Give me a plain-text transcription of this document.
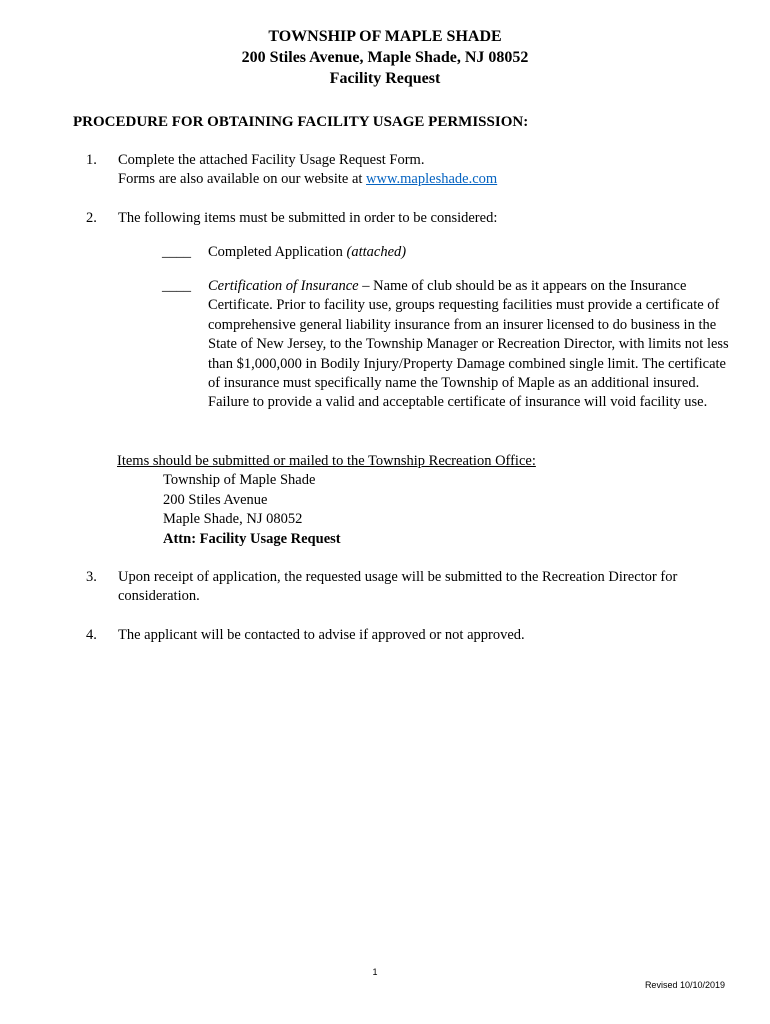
TOWNSHIP OF MAPLE SHADE
200 Stiles Avenue, Maple Shade, NJ 08052
Facility Request
PROCEDURE FOR OBTAINING FACILITY USAGE PERMISSION:
1.	Complete the attached Facility Usage Request Form.
Forms are also available on our website at www.mapleshade.com
2.	The following items must be submitted in order to be considered:
____ Completed Application (attached)
____ Certification of Insurance – Name of club should be as it appears on the Insurance Certificate. Prior to facility use, groups requesting facilities must provide a certificate of comprehensive general liability insurance from an insurer licensed to do business in the State of New Jersey, to the Township Manager or Recreation Director, with limits not less than $1,000,000 in Bodily Injury/Property Damage combined single limit. The certificate of insurance must specifically name the Township of Maple as an additional insured. Failure to provide a valid and acceptable certificate of insurance will void facility use.
Items should be submitted or mailed to the Township Recreation Office:
Township of Maple Shade
200 Stiles Avenue
Maple Shade, NJ 08052
Attn: Facility Usage Request
3.	Upon receipt of application, the requested usage will be submitted to the Recreation Director for consideration.
4.	The applicant will be contacted to advise if approved or not approved.
1
Revised 10/10/2019
